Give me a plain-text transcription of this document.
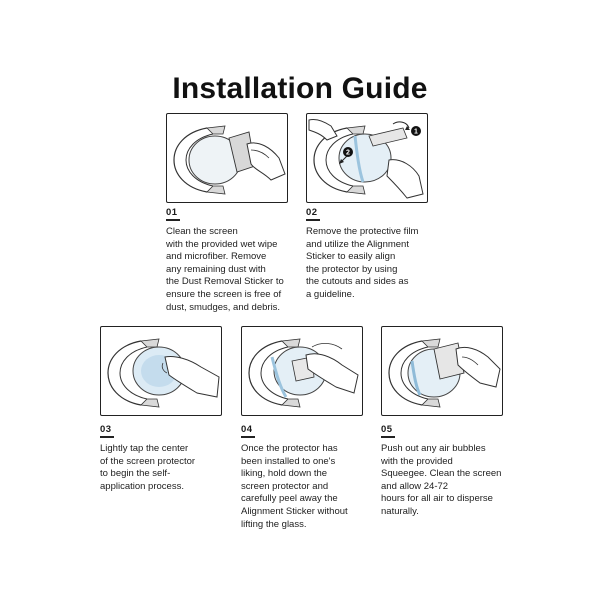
Installation Guide
01
Clean the screen
with the provided wet wipe
and microfiber. Remove
any remaining dust with
the Dust Removal Sticker to
ensure the screen is free of
dust, smudges, and debris.
1
2
02
Remove the protective film
and utilize the Alignment
Sticker to easily align
the protector by using
the cutouts and sides as
a guideline.
03
Lightly tap the center
of the screen protector
to begin the self-
application process.
04
Once the protector has
been installed to one's
liking, hold down the
screen protector and
carefully peel away the
Alignment Sticker without
lifting the glass.
05
Push out any air bubbles
with the provided
Squeegee. Clean the screen
and allow 24-72
hours for all air to disperse
naturally.
